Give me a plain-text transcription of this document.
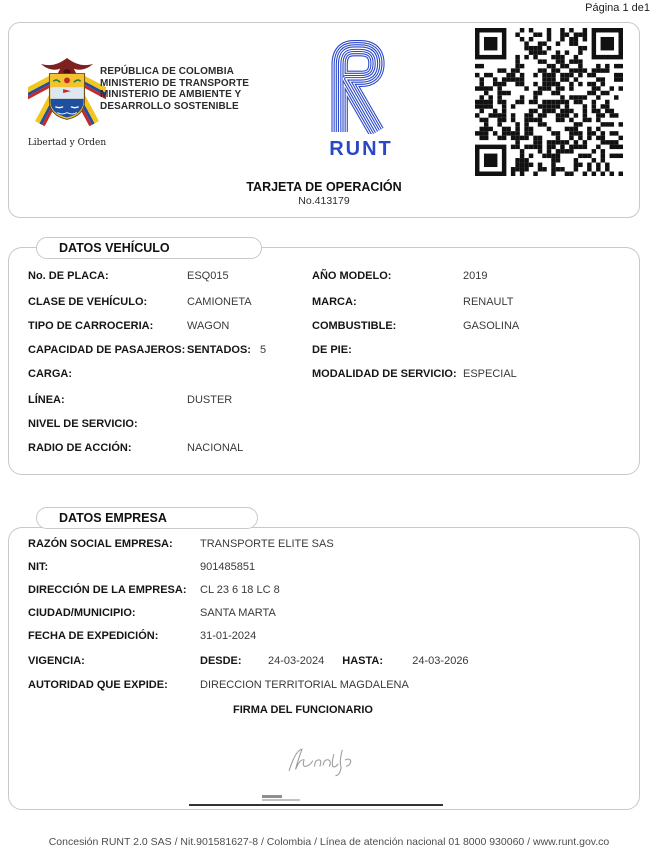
Página 1 de1
Libertad y Orden
REPÚBLICA DE COLOMBIA
MINISTERIO DE TRANSPORTE
MINISTERIO DE AMBIENTE Y
DESARROLLO SOSTENIBLE
RUNT
TARJETA DE OPERACIÓN
No.413179
DATOS VEHÍCULO
No. DE PLACA:	ESQ015
CLASE DE VEHÍCULO:	CAMIONETA
TIPO DE CARROCERIA:	WAGON
CAPACIDAD DE PASAJEROS: SENTADOS: 5
CARGA:
LÍNEA:	DUSTER
NIVEL DE SERVICIO:
RADIO DE ACCIÓN:	NACIONAL
AÑO MODELO:	2019
MARCA:	RENAULT
COMBUSTIBLE:	GASOLINA
DE PIE:
MODALIDAD DE SERVICIO: ESPECIAL
DATOS EMPRESA
RAZÓN SOCIAL EMPRESA: TRANSPORTE ELITE SAS
NIT:	901485851
DIRECCIÓN DE LA EMPRESA: CL 23 6 18 LC 8
CIUDAD/MUNICIPIO:	SANTA MARTA
FECHA DE EXPEDICIÓN:	31-01-2024
VIGENCIA:	DESDE: 24-03-2024 HASTA:	24-03-2026
AUTORIDAD QUE EXPIDE:	DIRECCION TERRITORIAL MAGDALENA
FIRMA DEL FUNCIONARIO
Concesión RUNT 2.0 SAS / Nit.901581627-8 / Colombia / Línea de atención nacional 01 8000 930060 / www.runt.gov.co
